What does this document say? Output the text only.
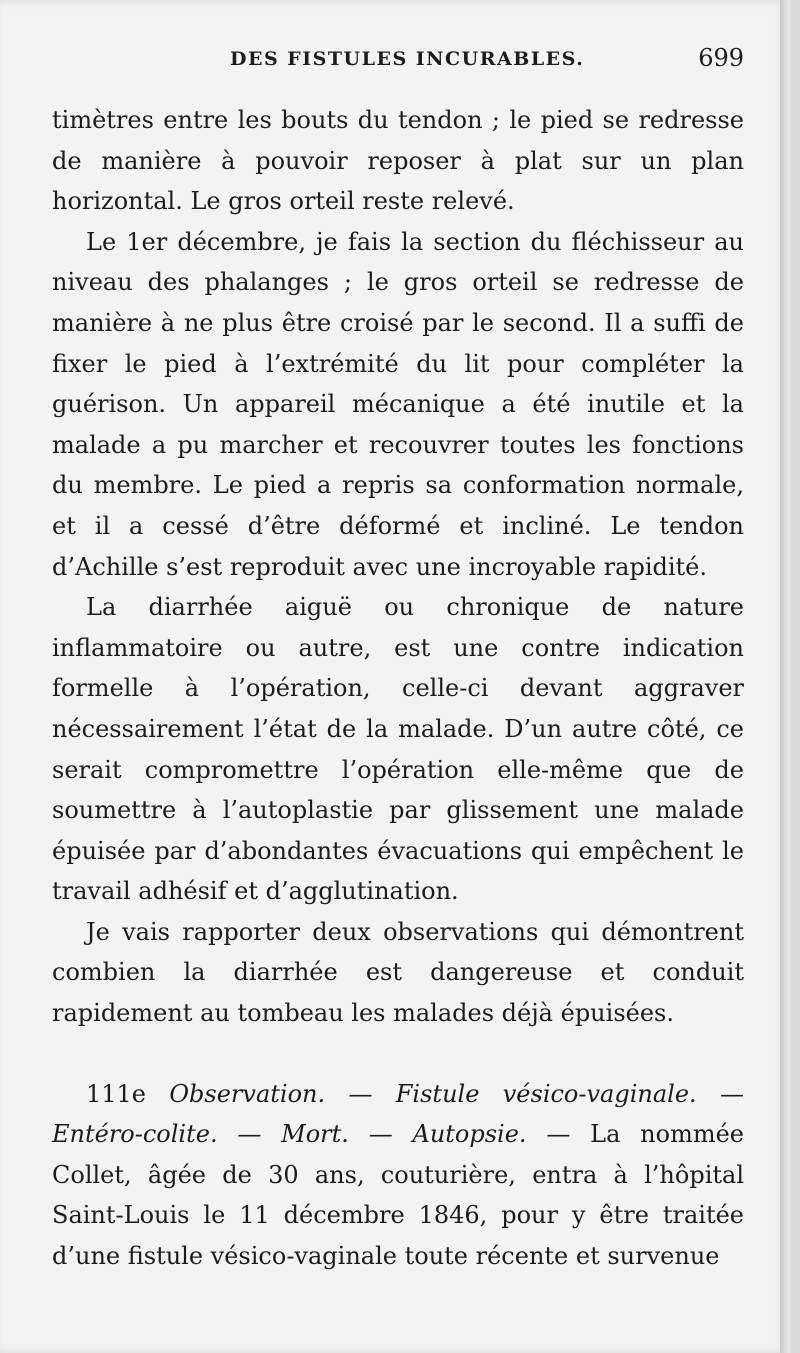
DES FISTULES INCURABLES.	699

timètres entre les bouts du tendon ; le pied se redresse de manière à pouvoir reposer à plat sur un plan horizontal. Le gros orteil reste relevé.

Le 1er décembre, je fais la section du fléchisseur au niveau des phalanges ; le gros orteil se redresse de manière à ne plus être croisé par le second. Il a suffi de fixer le pied à l’extrémité du lit pour compléter la guérison. Un appareil mécanique a été inutile et la malade a pu marcher et recouvrer toutes les fonctions du membre. Le pied a repris sa conformation normale, et il a cessé d’être déformé et incliné. Le tendon d’Achille s’est reproduit avec une incroyable rapidité.

La diarrhée aiguë ou chronique de nature inflammatoire ou autre, est une contre indication formelle à l’opération, celle-ci devant aggraver nécessairement l’état de la malade. D’un autre côté, ce serait compromettre l’opération elle-même que de soumettre à l’autoplastie par glissement une malade épuisée par d’abondantes évacuations qui empêchent le travail adhésif et d’agglutination.

Je vais rapporter deux observations qui démontrent combien la diarrhée est dangereuse et conduit rapidement au tombeau les malades déjà épuisées.

111e Observation. — Fistule vésico-vaginale. — Entéro-colite. — Mort. — Autopsie. — La nommée Collet, âgée de 30 ans, couturière, entra à l’hôpital Saint-Louis le 11 décembre 1846, pour y être traitée d’une fistule vésico-vaginale toute récente et survenue
